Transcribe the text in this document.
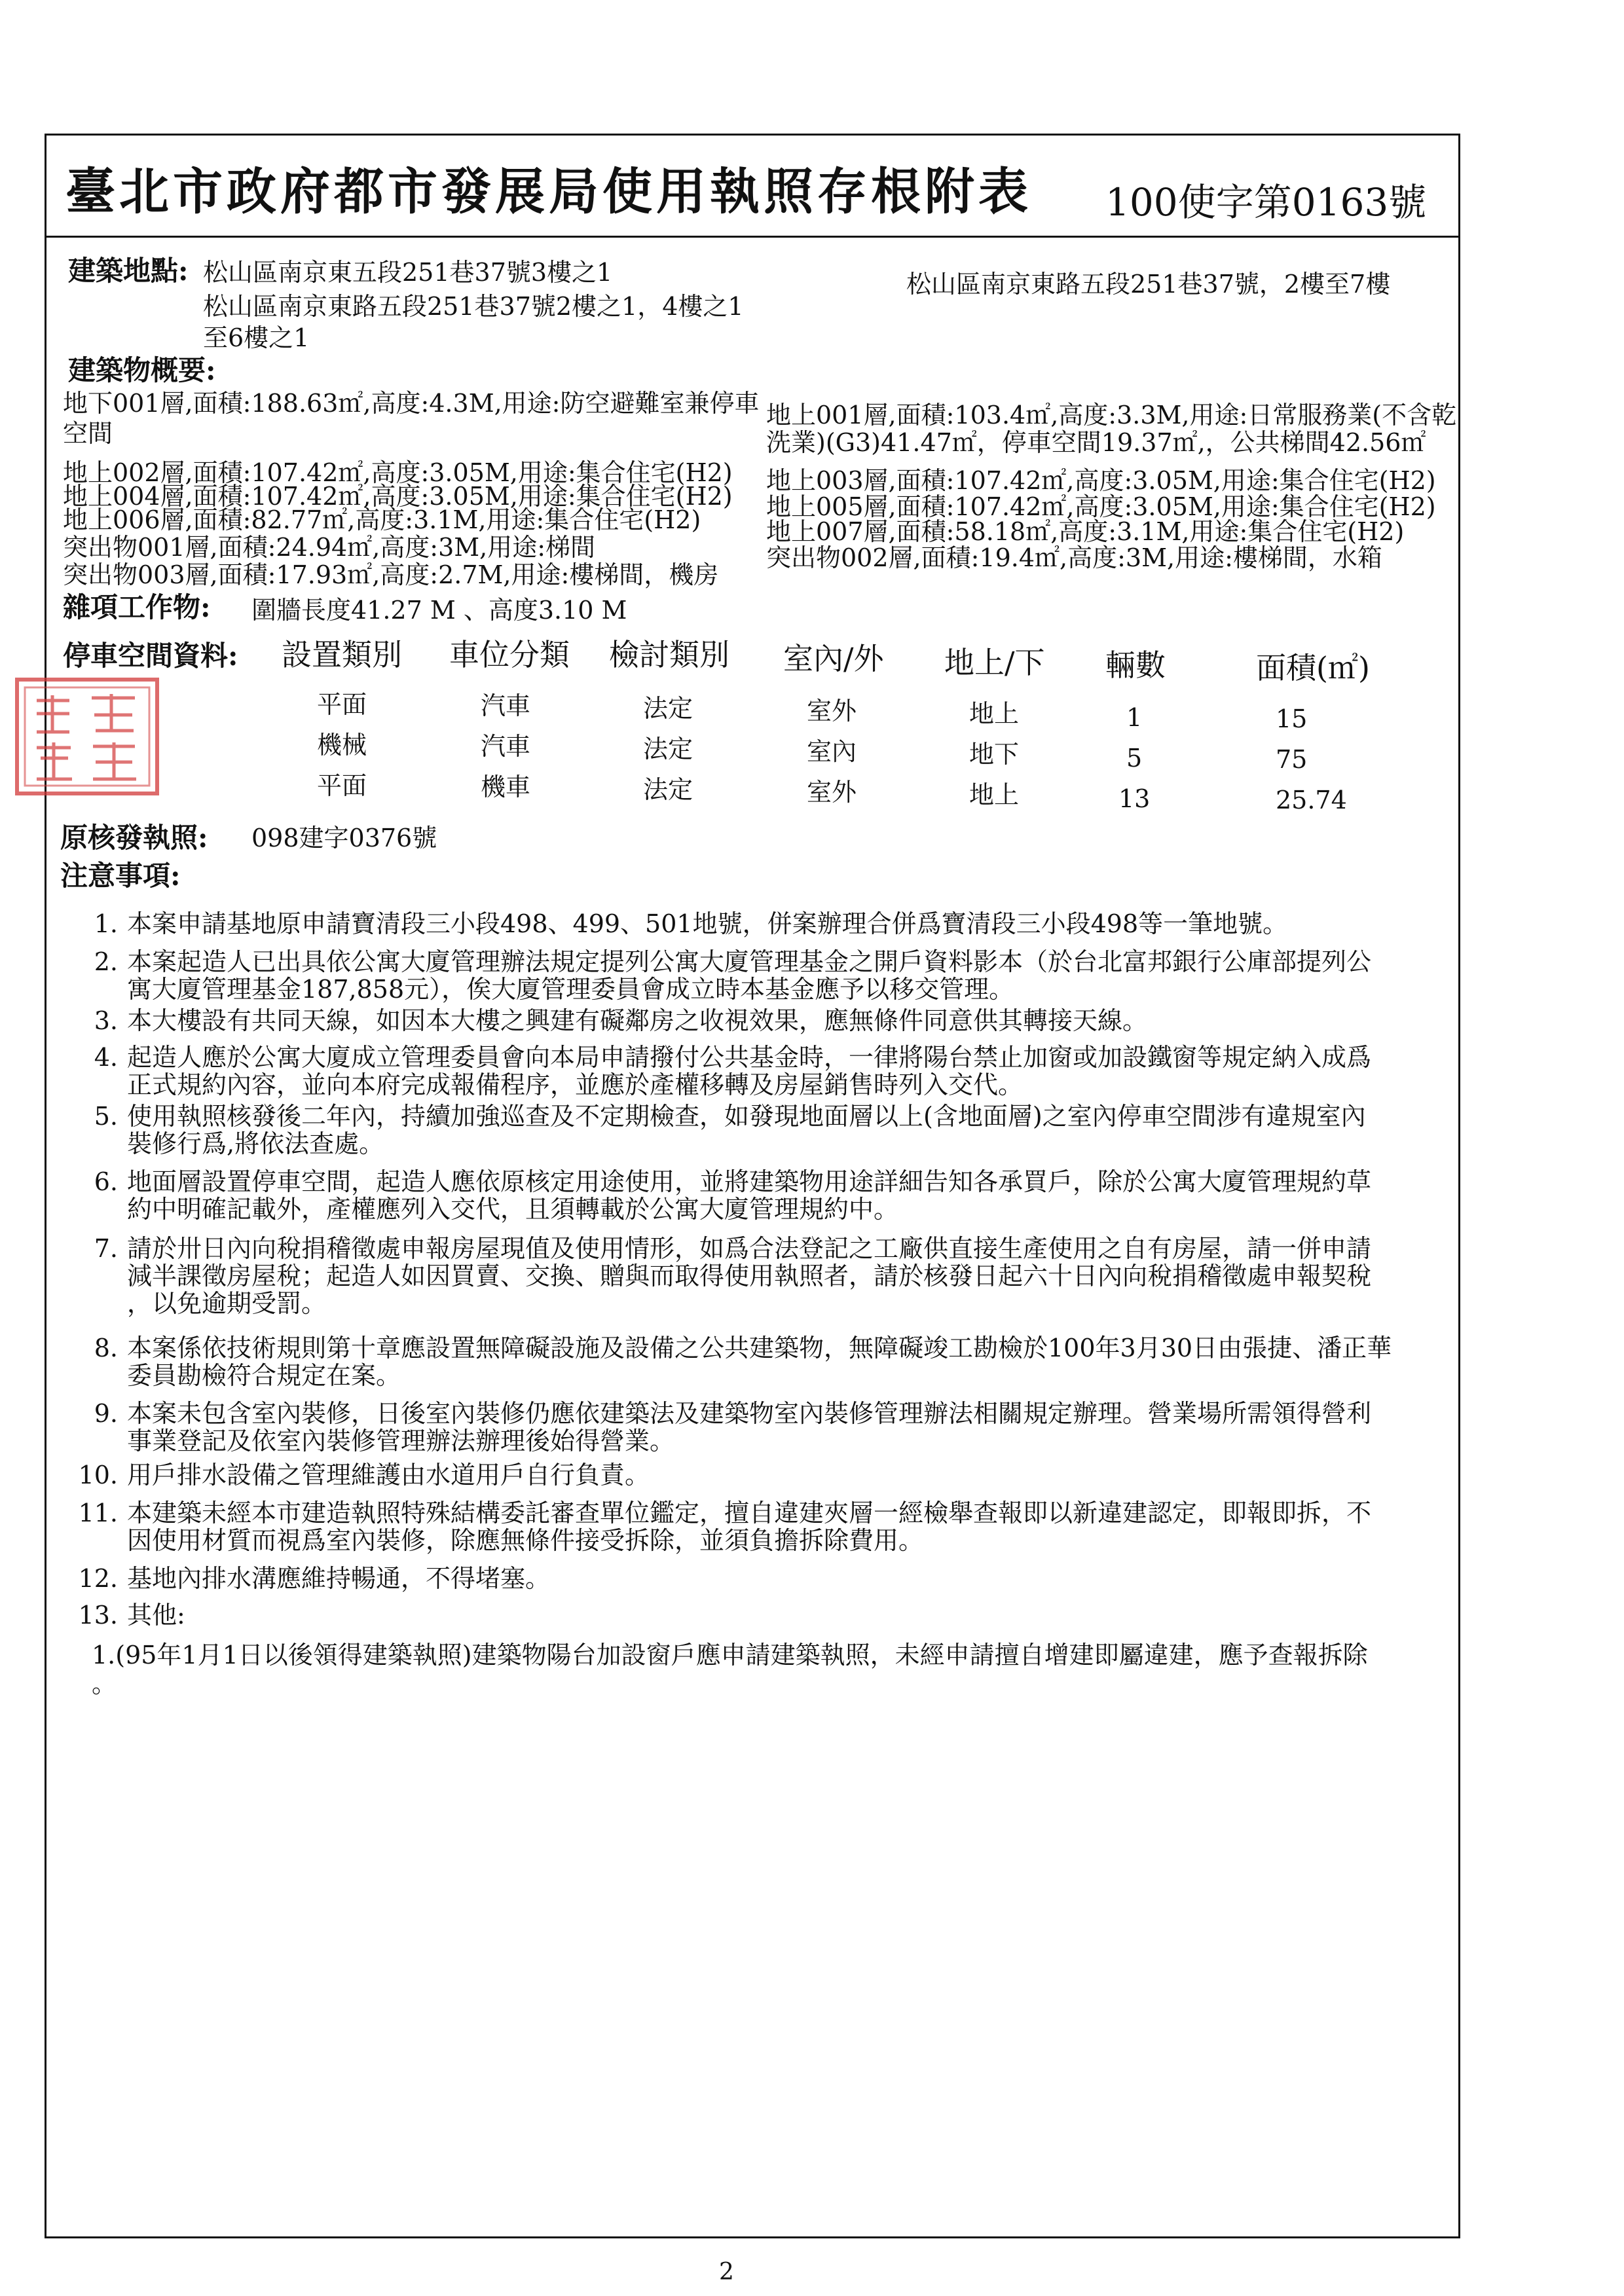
臺北市政府都市發展局使用執照存根附表 100使字第0163號
建築地點: 松山區南京東五段251巷37號3樓之1
松山區南京東路五段251巷37號2樓之1，4樓之1
至6樓之1
松山區南京東路五段251巷37號，2樓至7樓
建築物概要:
地下001層,面積:188.63㎡,高度:4.3M,用途:防空避難室兼停車
空間
地上002層,面積:107.42㎡,高度:3.05M,用途:集合住宅(H2)
地上004層,面積:107.42㎡,高度:3.05M,用途:集合住宅(H2)
地上006層,面積:82.77㎡,高度:3.1M,用途:集合住宅(H2)
突出物001層,面積:24.94㎡,高度:3M,用途:梯間
突出物003層,面積:17.93㎡,高度:2.7M,用途:樓梯間，機房
地上001層,面積:103.4㎡,高度:3.3M,用途:日常服務業(不含乾
洗業)(G3)41.47㎡，停車空間19.37㎡,，公共梯間42.56㎡
地上003層,面積:107.42㎡,高度:3.05M,用途:集合住宅(H2)
地上005層,面積:107.42㎡,高度:3.05M,用途:集合住宅(H2)
地上007層,面積:58.18㎡,高度:3.1M,用途:集合住宅(H2)
突出物002層,面積:19.4㎡,高度:3M,用途:樓梯間，水箱
雜項工作物: 圍牆長度41.27 M 、高度3.10 M
停車空間資料: 設置類別 車位分類 檢討類別 室內/外 地上/下 輛數	面積(㎡)
平面	汽車	法定	室外	地上	1	15
機械	汽車	法定	室內	地下	5	75
平面	機車	法定	室外	地上	13	25.74
原核發執照: 098建字0376號
注意事項:
1. 本案申請基地原申請寶清段三小段498、499、501地號，併案辦理合併爲寶清段三小段498等一筆地號。
2. 本案起造人已出具依公寓大廈管理辦法規定提列公寓大廈管理基金之開戶資料影本（於台北富邦銀行公庫部提列公
寓大廈管理基金187,858元），俟大廈管理委員會成立時本基金應予以移交管理。
3. 本大樓設有共同天線，如因本大樓之興建有礙鄰房之收視效果，應無條件同意供其轉接天線。
4. 起造人應於公寓大廈成立管理委員會向本局申請撥付公共基金時，一律將陽台禁止加窗或加設鐵窗等規定納入成爲
正式規約內容，並向本府完成報備程序，並應於產權移轉及房屋銷售時列入交代。
5. 使用執照核發後二年內，持續加強巡查及不定期檢查，如發現地面層以上(含地面層)之室內停車空間涉有違規室內
裝修行爲,將依法查處。
6. 地面層設置停車空間，起造人應依原核定用途使用，並將建築物用途詳細告知各承買戶，除於公寓大廈管理規約草
約中明確記載外，產權應列入交代，且須轉載於公寓大廈管理規約中。
7. 請於卅日內向稅捐稽徵處申報房屋現值及使用情形，如爲合法登記之工廠供直接生產使用之自有房屋，請一併申請
減半課徵房屋稅；起造人如因買賣、交換、贈與而取得使用執照者，請於核發日起六十日內向稅捐稽徵處申報契稅
，以免逾期受罰。
8. 本案係依技術規則第十章應設置無障礙設施及設備之公共建築物，無障礙竣工勘檢於100年3月30日由張捷、潘正華
委員勘檢符合規定在案。
9. 本案未包含室內裝修，日後室內裝修仍應依建築法及建築物室內裝修管理辦法相關規定辦理。營業場所需領得營利
事業登記及依室內裝修管理辦法辦理後始得營業。
10. 用戶排水設備之管理維護由水道用戶自行負責。
11. 本建築未經本市建造執照特殊結構委託審查單位鑑定，擅自違建夾層一經檢舉查報即以新違建認定，即報即拆，不
因使用材質而視爲室內裝修，除應無條件接受拆除，並須負擔拆除費用。
12. 基地內排水溝應維持暢通，不得堵塞。
13. 其他:
1.(95年1月1日以後領得建築執照)建築物陽台加設窗戶應申請建築執照，未經申請擅自增建即屬違建，應予查報拆除
。
2
